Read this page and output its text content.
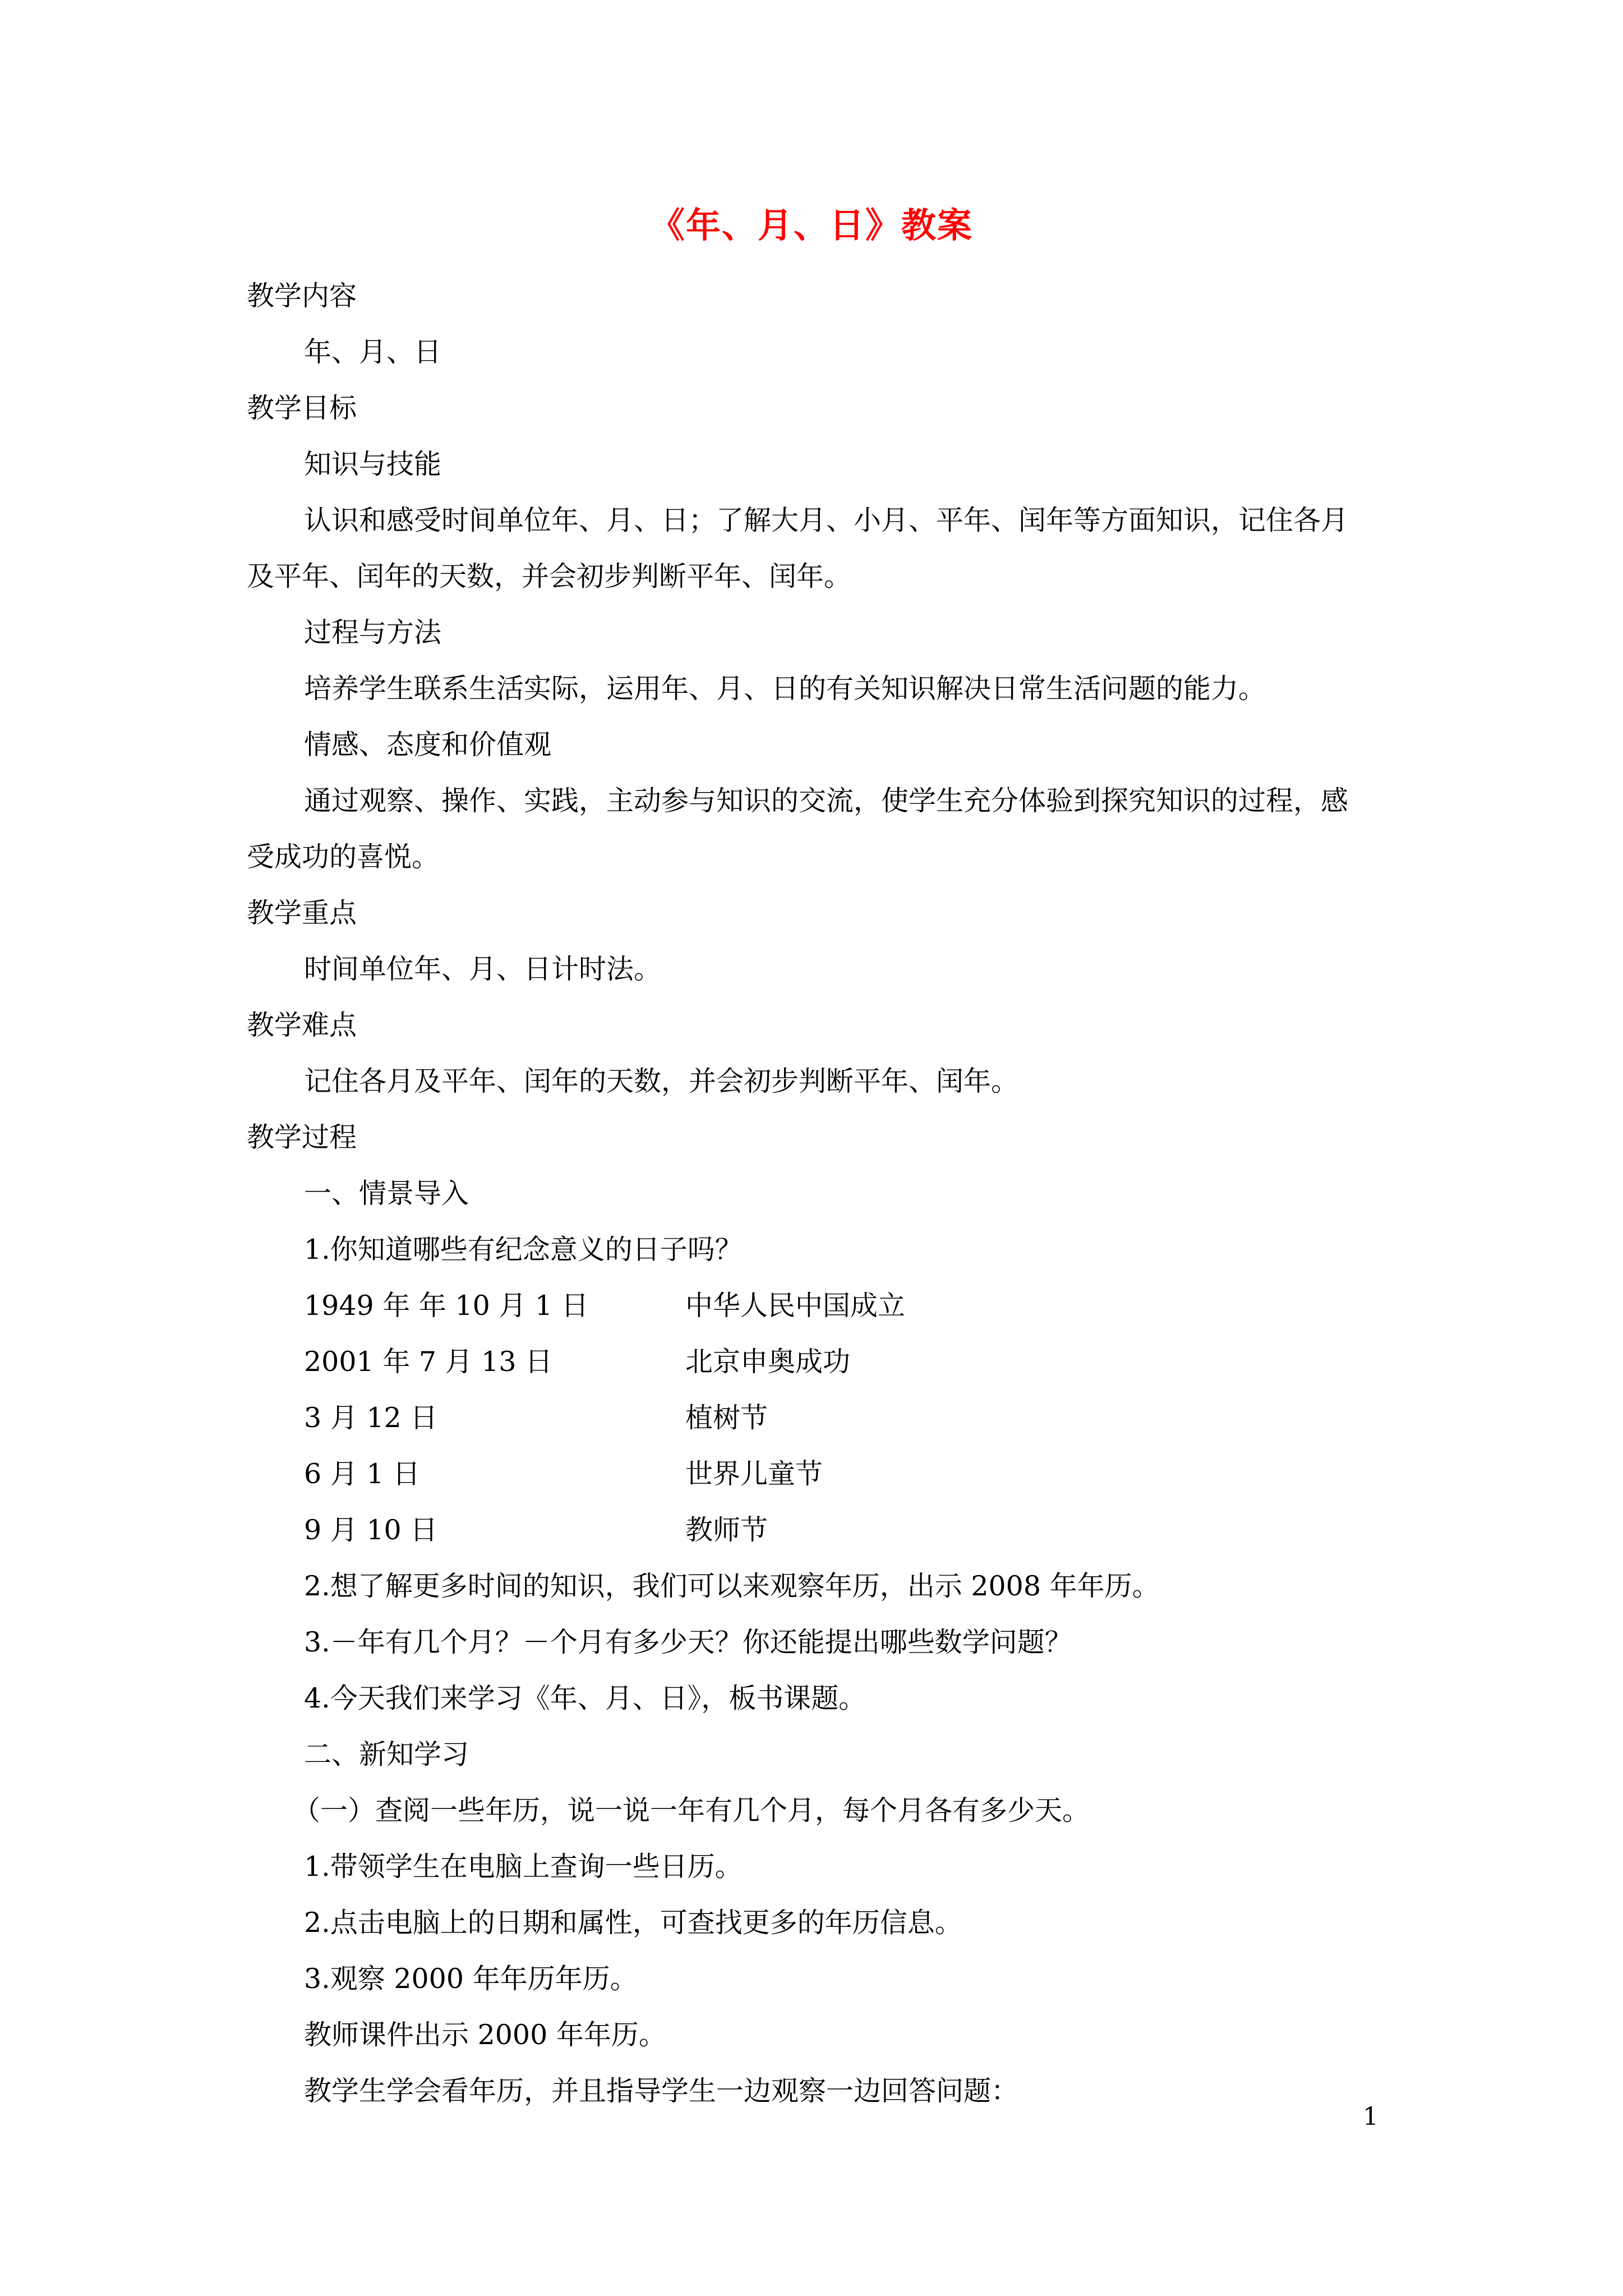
《年、月、日》教案

教学内容

年、月、日

教学目标

知识与技能

认识和感受时间单位年、月、日；了解大月、小月、平年、闰年等方面知识，记住各月

及平年、闰年的天数，并会初步判断平年、闰年。

过程与方法

培养学生联系生活实际，运用年、月、日的有关知识解决日常生活问题的能力。

情感、态度和价值观

通过观察、操作、实践，主动参与知识的交流，使学生充分体验到探究知识的过程，感

受成功的喜悦。

教学重点

时间单位年、月、日计时法。

教学难点

记住各月及平年、闰年的天数，并会初步判断平年、闰年。

教学过程

一、情景导入

1.你知道哪些有纪念意义的日子吗？

1949 年 年 10 月 1 日	中华人民中国成立
2001 年 7 月 13 日	北京申奥成功
3 月 12 日	植树节
6 月 1 日	世界儿童节
9 月 10 日	教师节

2.想了解更多时间的知识，我们可以来观察年历，出示 2008 年年历。

3.－年有几个月？－个月有多少天？你还能提出哪些数学问题？

4.今天我们来学习《年、月、日》，板书课题。

二、新知学习

（一）查阅一些年历，说一说一年有几个月，每个月各有多少天。

1.带领学生在电脑上查询一些日历。

2.点击电脑上的日期和属性，可查找更多的年历信息。

3.观察 2000 年年历年历。

教师课件出示 2000 年年历。

教学生学会看年历，并且指导学生一边观察一边回答问题：

1
